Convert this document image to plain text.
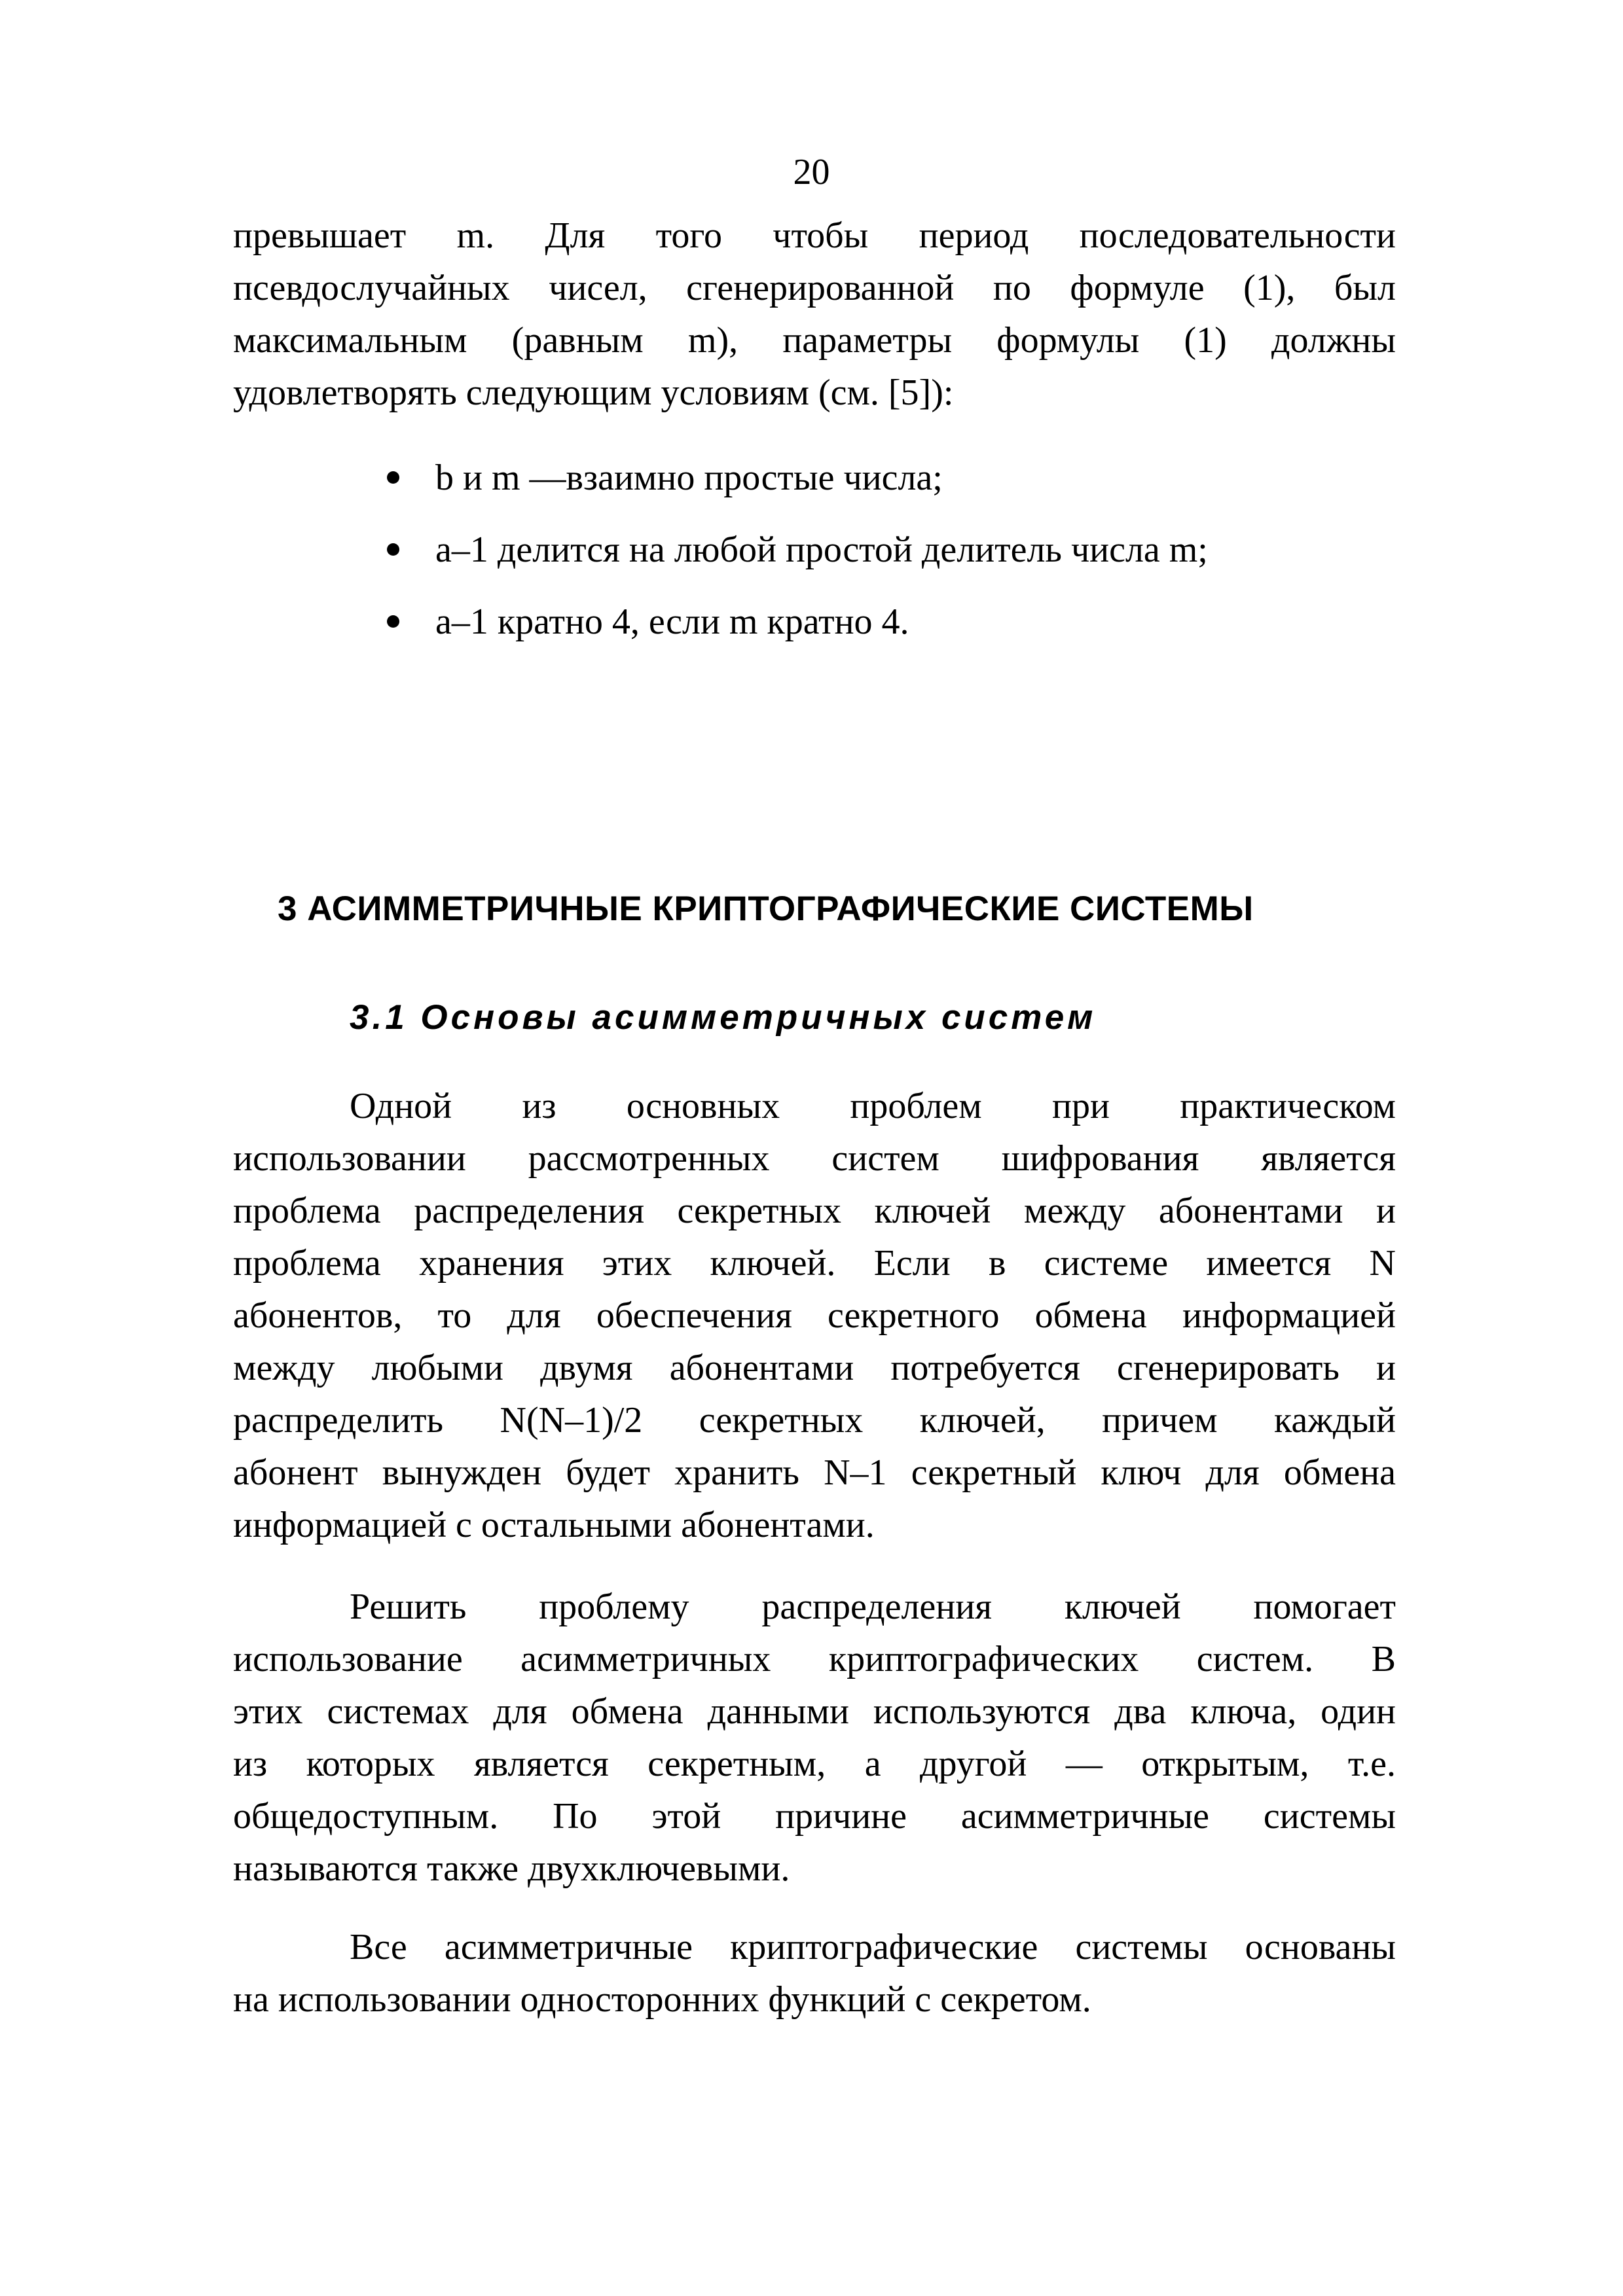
20
превышает m. Для того чтобы период последовательности
псевдослучайных чисел, сгенерированной по формуле (1), был
максимальным (равным m), параметры формулы (1) должны
удовлетворять следующим условиям (см. [5]):
b и m —взаимно простые числа;
a–1 делится на любой простой делитель числа m;
a–1 кратно 4, если m кратно 4.
3 АСИММЕТРИЧНЫЕ КРИПТОГРАФИЧЕСКИЕ СИСТЕМЫ
3.1 Основы асимметричных систем
Одной из основных проблем при практическом
использовании рассмотренных систем шифрования является
проблема распределения секретных ключей между абонентами и
проблема хранения этих ключей. Если в системе имеется N
абонентов, то для обеспечения секретного обмена информацией
между любыми двумя абонентами потребуется сгенерировать и
распределить N(N–1)/2 секретных ключей, причем каждый
абонент вынужден будет хранить N–1 секретный ключ для обмена
информацией с остальными абонентами.
Решить проблему распределения ключей помогает
использование асимметричных криптографических систем. В
этих системах для обмена данными используются два ключа, один
из которых является секретным, а другой — открытым, т.е.
общедоступным. По этой причине асимметричные системы
называются также двухключевыми.
Все асимметричные криптографические системы основаны
на использовании односторонних функций с секретом.
